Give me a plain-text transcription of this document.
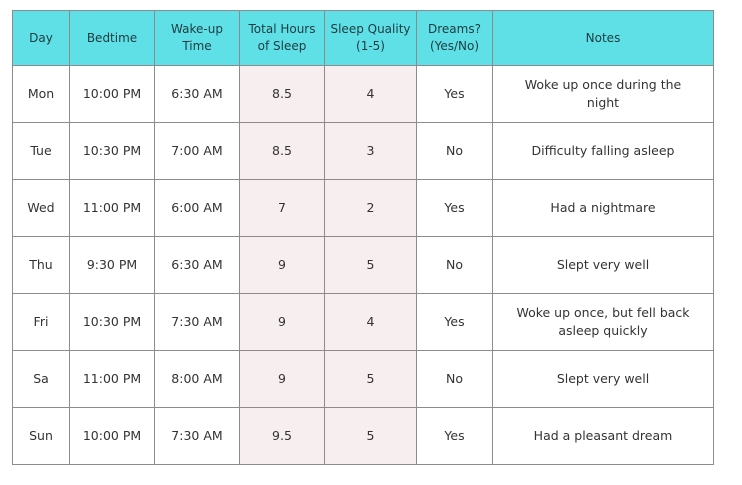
Day	Bedtime	Wake-up Time	Total Hours of Sleep	Sleep Quality (1-5)	Dreams? (Yes/No)	Notes
Mon	10:00 PM	6:30 AM	8.5	4	Yes	Woke up once during the night
Tue	10:30 PM	7:00 AM	8.5	3	No	Difficulty falling asleep
Wed	11:00 PM	6:00 AM	7	2	Yes	Had a nightmare
Thu	9:30 PM	6:30 AM	9	5	No	Slept very well
Fri	10:30 PM	7:30 AM	9	4	Yes	Woke up once, but fell back asleep quickly
Sa	11:00 PM	8:00 AM	9	5	No	Slept very well
Sun	10:00 PM	7:30 AM	9.5	5	Yes	Had a pleasant dream
